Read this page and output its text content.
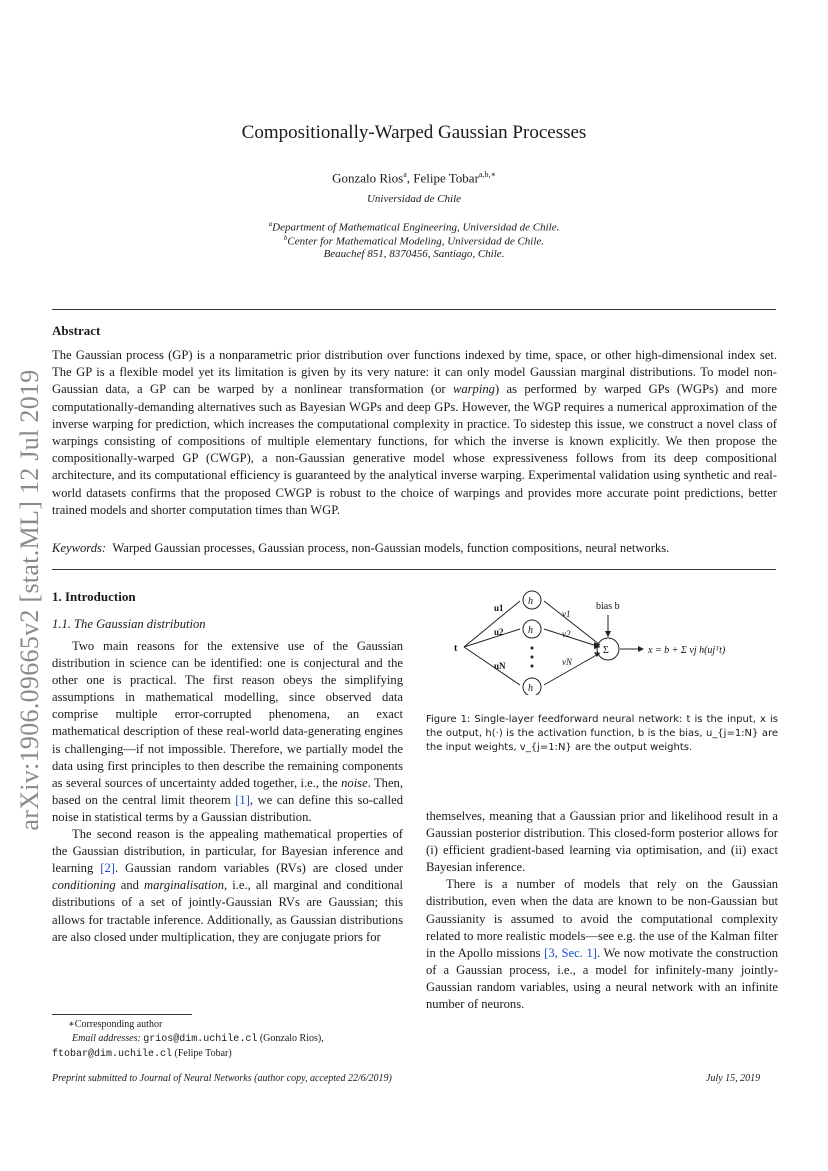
arXiv:1906.09665v2 [stat.ML] 12 Jul 2019
Compositionally-Warped Gaussian Processes
Gonzalo Rios$^a$, Felipe Tobar$^{a,b,∗}$
Universidad de Chile
$^a$Department of Mathematical Engineering, Universidad de Chile.
$^b$Center for Mathematical Modeling, Universidad de Chile.
Beauchef 851, 8370456, Santiago, Chile.
Abstract
The Gaussian process (GP) is a nonparametric prior distribution over functions indexed by time, space, or other high-dimensional index set. The GP is a flexible model yet its limitation is given by its very nature: it can only model Gaussian marginal distributions. To model non-Gaussian data, a GP can be warped by a nonlinear transformation (or warping) as performed by warped GPs (WGPs) and more computationally-demanding alternatives such as Bayesian WGPs and deep GPs. However, the WGP requires a numerical approximation of the inverse warping for prediction, which increases the computational complexity in practice. To sidestep this issue, we construct a novel class of warpings consisting of compositions of multiple elementary functions, for which the inverse is known explicitly. We then propose the compositionally-warped GP (CWGP), a non-Gaussian generative model whose expressiveness follows from its deep compositional architecture, and its computational efficiency is guaranteed by the analytical inverse warping. Experimental validation using synthetic and real-world datasets confirms that the proposed CWGP is robust to the choice of warpings and provides more accurate point predictions, better trained models and shorter computation times than WGP.
Keywords: Warped Gaussian processes, Gaussian process, non-Gaussian models, function compositions, neural networks.
1. Introduction
1.1. The Gaussian distribution

Two main reasons for the extensive use of the Gaussian distribution in science can be identified: one is conjectural and the other one is practical. The first reason obeys the simplifying assumptions in mathematical modelling, since observed data comprise multiple error-corrupted phenomena, an exact mathematical description of these real-world data-generating engines is challenging—if not impossible. Therefore, we partially model the data using first principles to then describe the remaining components as several sources of uncertainty added together, i.e., the noise. Then, based on the central limit theorem [1], we can define this so-called noise in statistical terms by a Gaussian distribution.

The second reason is the appealing mathematical properties of the Gaussian distribution, in particular, for Bayesian inference and learning [2]. Gaussian random variables (RVs) are closed under conditioning and marginalisation, i.e., all marginal and conditional distributions of a set of jointly-Gaussian RVs are Gaussian; this allows for tractable inference. Additionally, as Gaussian distributions are also closed under multiplication, they are conjugate priors for

t
h
h
h
Σ
bias b
u1
u2
uN
v1
v2
vN
x = b + Σ vj h(ujᵀt)
Figure 1: Single-layer feedforward neural network: t is the input, x is the output, h(·) is the activation function, b is the bias, u_{j=1:N} are the input weights, v_{j=1:N} are the output weights.

themselves, meaning that a Gaussian prior and likelihood result in a Gaussian posterior distribution. This closed-form posterior allows for (i) efficient gradient-based learning via optimisation, and (ii) exact Bayesian inference.

There is a number of models that rely on the Gaussian distribution, even when the data are known to be non-Gaussian but Gaussianity is assumed to avoid the computational complexity related to more realistic models—see e.g. the use of the Kalman filter in the Apollo missions [3, Sec. 1]. We now motivate the construction of a Gaussian process, i.e., a model for infinitely-many jointly-Gaussian random variables, using a neural network with an infinite number of neurons.

∗Corresponding author
Email addresses: grios@dim.uchile.cl (Gonzalo Rios),
ftobar@dim.uchile.cl (Felipe Tobar)
Preprint submitted to Journal of Neural Networks (author copy, accepted 22/6/2019)	July 15, 2019
